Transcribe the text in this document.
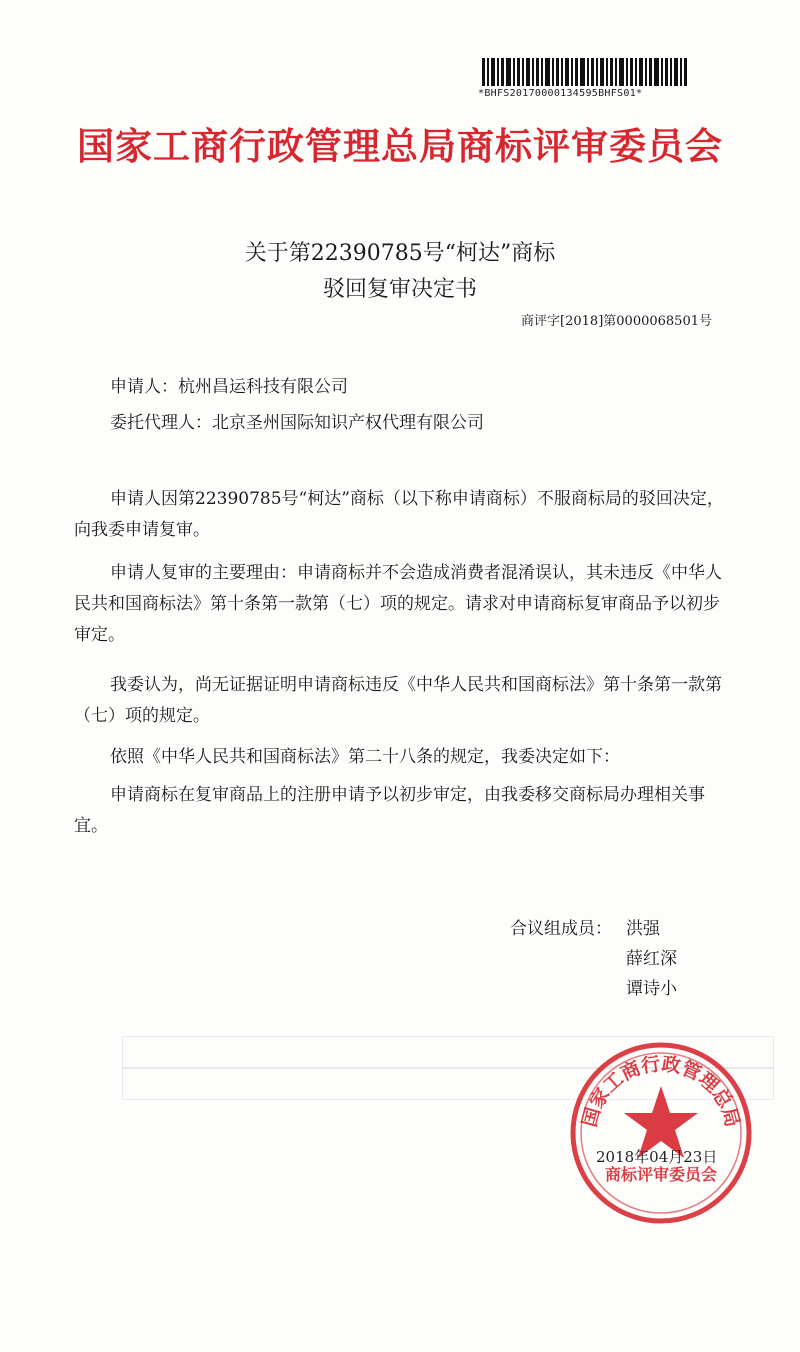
*BHFS20170000134595BHFS01*
国家工商行政管理总局商标评审委员会
关于第22390785号“柯达”商标
驳回复审决定书
商评字[2018]第0000068501号
申请人：杭州昌运科技有限公司
委托代理人：北京圣州国际知识产权代理有限公司
申请人因第22390785号“柯达”商标（以下称申请商标）不服商标局的驳回决定，向我委申请复审。
申请人复审的主要理由：申请商标并不会造成消费者混淆误认，其未违反《中华人民共和国商标法》第十条第一款第（七）项的规定。请求对申请商标复审商品予以初步审定。
我委认为，尚无证据证明申请商标违反《中华人民共和国商标法》第十条第一款第（七）项的规定。
依照《中华人民共和国商标法》第二十八条的规定，我委决定如下：
申请商标在复审商品上的注册申请予以初步审定，由我委移交商标局办理相关事宜。
合议组成员： 洪强
薛红深
谭诗小
国家工商行政管理总局
商标评审委员会
2018年04月23日
